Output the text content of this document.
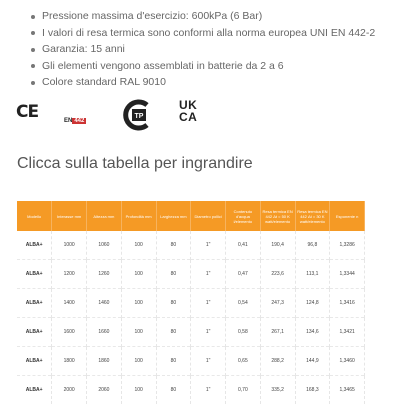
Pressione massima d'esercizio: 600kPa (6 Bar)
I valori di resa termica sono conformi alla norma europea UNI EN 442-2
Garanzia: 15 anni
Gli elementi vengono assemblati in batterie da 2 a 6
Colore standard RAL 9010
CE	EN 442
TP
UK
CA
Clicca sulla tabella per ingrandire
Modello	Interasse mm	Altezza mm	Profondità mm	Larghezza mm	Diametro pollici	Contenuto d'acqua l/elemento	Resa termica EN 442 Δt = 50 K watt/elemento	Resa termica EN 442 Δt = 30 K watt/elemento	Esponente n
ALBA+	1000	1060	100	80	1"	0,41	190,4	96,8	1,3286
ALBA+	1200	1260	100	80	1"	0,47	223,6	113,1	1,3344
ALBA+	1400	1460	100	80	1"	0,54	247,3	124,8	1,3416
ALBA+	1600	1660	100	80	1"	0,58	267,1	134,6	1,3421
ALBA+	1800	1860	100	80	1"	0,65	288,2	144,9	1,3460
ALBA+	2000	2060	100	80	1"	0,70	335,2	168,3	1,3465
